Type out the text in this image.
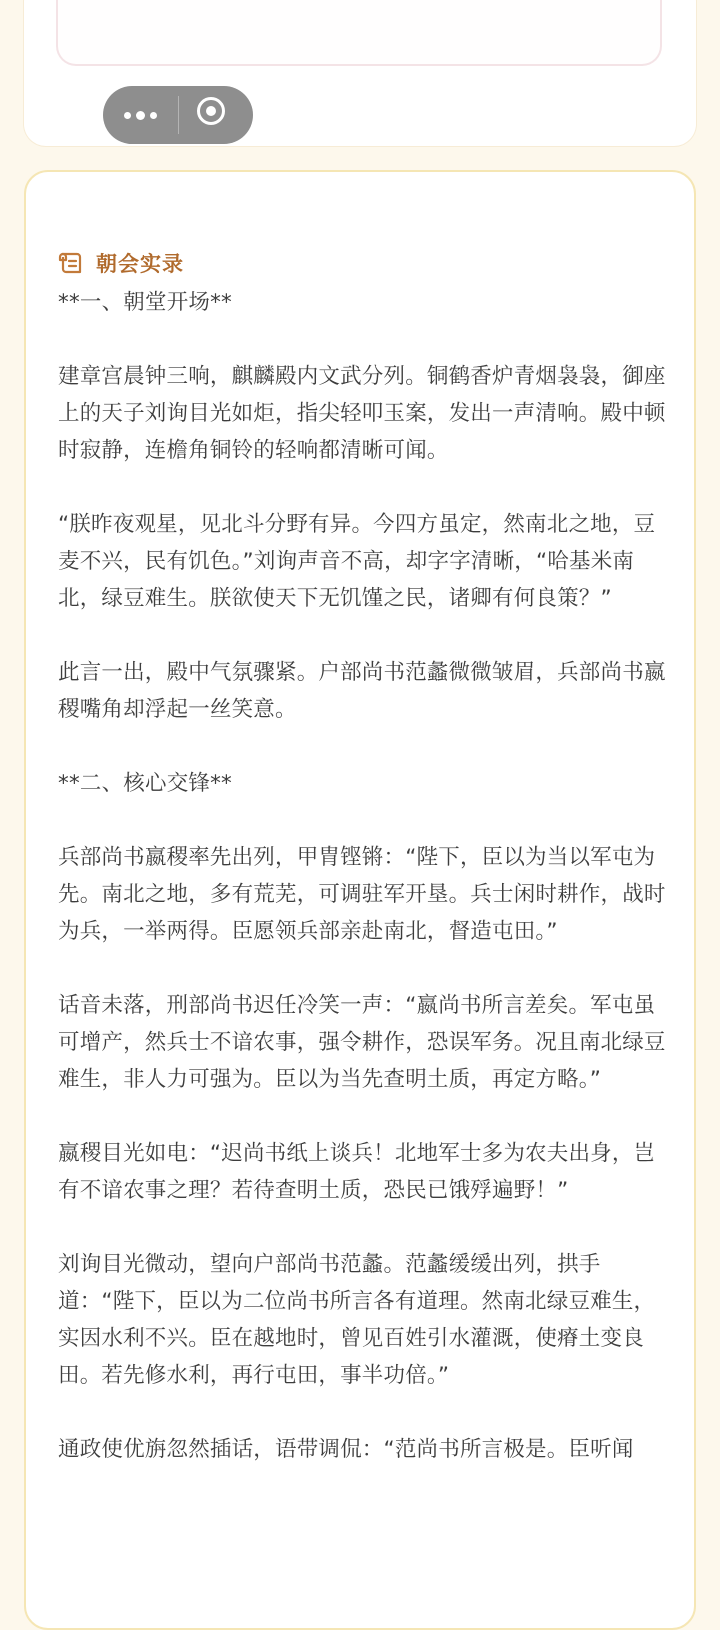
朝会实录

**一、朝堂开场**

建章宫晨钟三响，麒麟殿内文武分列。铜鹤香炉青烟袅袅，御座上的天子刘询目光如炬，指尖轻叩玉案，发出一声清响。殿中顿时寂静，连檐角铜铃的轻响都清晰可闻。

“朕昨夜观星，见北斗分野有异。今四方虽定，然南北之地，豆麦不兴，民有饥色。”刘询声音不高，却字字清晰，“哈基米南北，绿豆难生。朕欲使天下无饥馑之民，诸卿有何良策？”

此言一出，殿中气氛骤紧。户部尚书范蠡微微皱眉，兵部尚书嬴稷嘴角却浮起一丝笑意。

**二、核心交锋**

兵部尚书嬴稷率先出列，甲胄铿锵：“陛下，臣以为当以军屯为先。南北之地，多有荒芜，可调驻军开垦。兵士闲时耕作，战时为兵，一举两得。臣愿领兵部亲赴南北，督造屯田。”

话音未落，刑部尚书迟任冷笑一声：“嬴尚书所言差矣。军屯虽可增产，然兵士不谙农事，强令耕作，恐误军务。况且南北绿豆难生，非人力可强为。臣以为当先查明土质，再定方略。”

嬴稷目光如电：“迟尚书纸上谈兵！北地军士多为农夫出身，岂有不谙农事之理？若待查明土质，恐民已饿殍遍野！”

刘询目光微动，望向户部尚书范蠡。范蠡缓缓出列，拱手道：“陛下，臣以为二位尚书所言各有道理。然南北绿豆难生，实因水利不兴。臣在越地时，曾见百姓引水灌溉，使瘠土变良田。若先修水利，再行屯田，事半功倍。”

通政使优旃忽然插话，语带调侃：“范尚书所言极是。臣听闻
